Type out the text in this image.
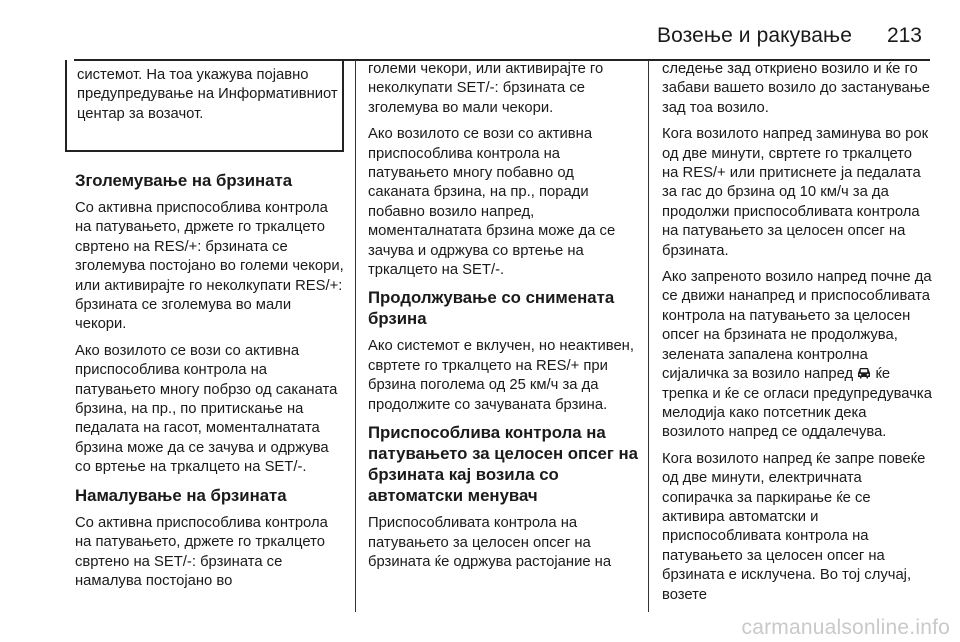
Возење и ракување 213
системот. На тоа укажува појавно предупредување на Информативниот центар за возачот.
Зголемување на брзината

Со активна приспособлива контрола на патувањето, држете го тркалцето свртено на RES/+: брзината се зголемува постојано во големи чекори, или активирајте го неколкупати RES/+: брзината се зголемува во мали чекори.

Ако возилото се вози со активна приспособлива контрола на патувањето многу побрзо од саканата брзина, на пр., по притискање на педалата на гасот, моменталнатата брзина може да се зачува и одржува со вртење на тркалцето на SET/-.

Намалување на брзината

Со активна приспособлива контрола на патувањето, држете го тркалцето свртено на SET/-: брзината се намалува постојано во

големи чекори, или активирајте го неколкупати SET/-: брзината се зголемува во мали чекори.

Ако возилото се вози со активна приспособлива контрола на патувањето многу побавно од саканата брзина, на пр., поради побавно возило напред, моменталнатата брзина може да се зачува и одржува со вртење на тркалцето на SET/-.

Продолжување со снимената брзина

Ако системот е вклучен, но неактивен, свртете го тркалцето на RES/+ при брзина поголема од 25 км/ч за да продолжите со зачуваната брзина.

Приспособлива контрола на патувањето за целосен опсег на брзината кај возила со автоматски менувач

Приспособливата контрола на патувањето за целосен опсег на брзината ќе одржува растојание на

следење зад откриено возило и ќе го забави вашето возило до застанување зад тоа возило.

Кога возилото напред заминува во рок од две минути, свртете го тркалцето на RES/+ или притиснете ја педалата за гас до брзина од 10 км/ч за да продолжи приспособливата контрола на патувањето за целосен опсег на брзината.

Ако запреното возило напред почне да се движи нанапред и приспособливата контрола на патувањето за целосен опсег на брзината не продолжува, зелената запалена контролна сијаличка за возило напред ќе трепка и ќе се огласи предупредувачка мелодија како потсетник дека возилото напред се оддалечува.

Кога возилото напред ќе запре повеќе од две минути, електричната сопирачка за паркирање ќе се активира автоматски и приспособливата контрола на патувањето за целосен опсег на брзината е исклучена. Во тој случај, возете

carmanualsonline.info
